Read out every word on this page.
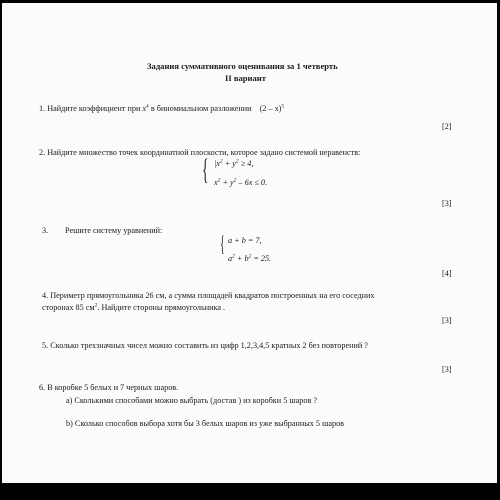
Задания суммативного оценивания за 1 четверть
II вариант
1. Найдите коэффициент при $x^4$ в биномиальном разложении (2 – x)$^5$
[2]
2. Найдите множество точек координатной плоскости, которое задано системой неравенств:
{ $|x^2 + y^2 \ge 4$,
$x^2 + y^2 - 6x \le 0$.
[3]
3. Решите систему уравнений:
{ a + b = 7,
$a^2 + b^2 = 25$.
[4]
4. Периметр прямоугольника 26 см, а сумма площадей квадратов построенных на его соседних
сторонах 85 $см^2$. Найдите стороны прямоугольника .
[3]
5. Сколько трехзначных чисел можно составить из цифр 1,2,3,4,5 кратных 2 без повторений ?
[3]
6. В коробке 5 белых и 7 черных шаров.
а) Сколькими способами можно выбрать (достав ) из коробки 5 шаров ?
b) Сколько способов выбора хотя бы 3 белых шаров из уже выбранных 5 шаров
